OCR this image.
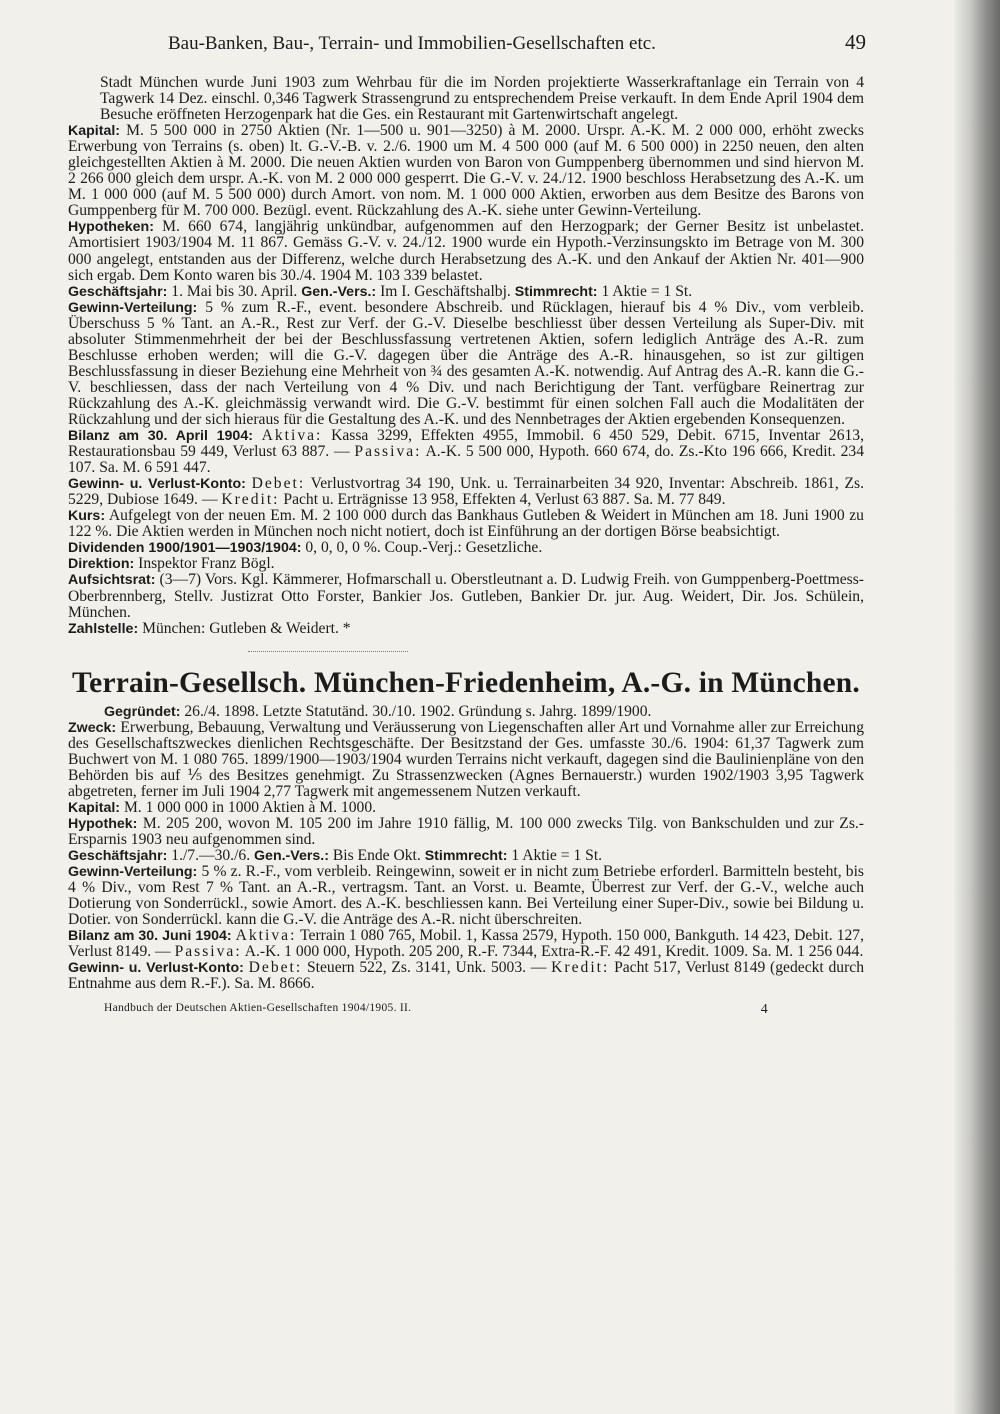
Bau-Banken, Bau-, Terrain- und Immobilien-Gesellschaften etc.	49

Stadt München wurde Juni 1903 zum Wehrbau für die im Norden projektierte Wasserkraftanlage ein Terrain von 4 Tagwerk 14 Dez. einschl. 0,346 Tagwerk Strassengrund zu entsprechendem Preise verkauft. In dem Ende April 1904 dem Besuche eröffneten Herzogenpark hat die Ges. ein Restaurant mit Gartenwirtschaft angelegt.

Kapital: M. 5 500 000 in 2750 Aktien (Nr. 1—500 u. 901—3250) à M. 2000. Urspr. A.-K. M. 2 000 000, erhöht zwecks Erwerbung von Terrains (s. oben) lt. G.-V.-B. v. 2./6. 1900 um M. 4 500 000 (auf M. 6 500 000) in 2250 neuen, den alten gleichgestellten Aktien à M. 2000. Die neuen Aktien wurden von Baron von Gumppenberg übernommen und sind hiervon M. 2 266 000 gleich dem urspr. A.-K. von M. 2 000 000 gesperrt. Die G.-V. v. 24./12. 1900 beschloss Herabsetzung des A.-K. um M. 1 000 000 (auf M. 5 500 000) durch Amort. von nom. M. 1 000 000 Aktien, erworben aus dem Besitze des Barons von Gumppenberg für M. 700 000. Bezügl. event. Rückzahlung des A.-K. siehe unter Gewinn-Verteilung.

Hypotheken: M. 660 674, langjährig unkündbar, aufgenommen auf den Herzogpark; der Gerner Besitz ist unbelastet. Amortisiert 1903/1904 M. 11 867. Gemäss G.-V. v. 24./12. 1900 wurde ein Hypoth.-Verzinsungskto im Betrage von M. 300 000 angelegt, entstanden aus der Differenz, welche durch Herabsetzung des A.-K. und den Ankauf der Aktien Nr. 401—900 sich ergab. Dem Konto waren bis 30./4. 1904 M. 103 339 belastet.

Geschäftsjahr: 1. Mai bis 30. April. Gen.-Vers.: Im I. Geschäftshalbj. Stimmrecht: 1 Aktie = 1 St.

Gewinn-Verteilung: 5 % zum R.-F., event. besondere Abschreib. und Rücklagen, hierauf bis 4 % Div., vom verbleib. Überschuss 5 % Tant. an A.-R., Rest zur Verf. der G.-V. Dieselbe beschliesst über dessen Verteilung als Super-Div. mit absoluter Stimmenmehrheit der bei der Beschlussfassung vertretenen Aktien, sofern lediglich Anträge des A.-R. zum Beschlusse erhoben werden; will die G.-V. dagegen über die Anträge des A.-R. hinausgehen, so ist zur giltigen Beschlussfassung in dieser Beziehung eine Mehrheit von ¾ des gesamten A.-K. notwendig. Auf Antrag des A.-R. kann die G.-V. beschliessen, dass der nach Verteilung von 4 % Div. und nach Berichtigung der Tant. verfügbare Reinertrag zur Rückzahlung des A.-K. gleichmässig verwandt wird. Die G.-V. bestimmt für einen solchen Fall auch die Modalitäten der Rückzahlung und der sich hieraus für die Gestaltung des A.-K. und des Nennbetrages der Aktien ergebenden Konsequenzen.

Bilanz am 30. April 1904: Aktiva: Kassa 3299, Effekten 4955, Immobil. 6 450 529, Debit. 6715, Inventar 2613, Restaurationsbau 59 449, Verlust 63 887. — Passiva: A.-K. 5 500 000, Hypoth. 660 674, do. Zs.-Kto 196 666, Kredit. 234 107. Sa. M. 6 591 447.

Gewinn- u. Verlust-Konto: Debet: Verlustvortrag 34 190, Unk. u. Terrainarbeiten 34 920, Inventar: Abschreib. 1861, Zs. 5229, Dubiose 1649. — Kredit: Pacht u. Erträgnisse 13 958, Effekten 4, Verlust 63 887. Sa. M. 77 849.

Kurs: Aufgelegt von der neuen Em. M. 2 100 000 durch das Bankhaus Gutleben & Weidert in München am 18. Juni 1900 zu 122 %. Die Aktien werden in München noch nicht notiert, doch ist Einführung an der dortigen Börse beabsichtigt.

Dividenden 1900/1901—1903/1904: 0, 0, 0, 0 %. Coup.-Verj.: Gesetzliche.

Direktion: Inspektor Franz Bögl.

Aufsichtsrat: (3—7) Vors. Kgl. Kämmerer, Hofmarschall u. Oberstleutnant a. D. Ludwig Freih. von Gumppenberg-Poettmess-Oberbrennberg, Stellv. Justizrat Otto Forster, Bankier Jos. Gutleben, Bankier Dr. jur. Aug. Weidert, Dir. Jos. Schülein, München.

Zahlstelle: München: Gutleben & Weidert. *

Terrain-Gesellsch. München-Friedenheim, A.-G. in München.

Gegründet: 26./4. 1898. Letzte Statutänd. 30./10. 1902. Gründung s. Jahrg. 1899/1900.

Zweck: Erwerbung, Bebauung, Verwaltung und Veräusserung von Liegenschaften aller Art und Vornahme aller zur Erreichung des Gesellschaftszweckes dienlichen Rechtsgeschäfte. Der Besitzstand der Ges. umfasste 30./6. 1904: 61,37 Tagwerk zum Buchwert von M. 1 080 765. 1899/1900—1903/1904 wurden Terrains nicht verkauft, dagegen sind die Baulinienpläne von den Behörden bis auf ⅕ des Besitzes genehmigt. Zu Strassenzwecken (Agnes Bernauerstr.) wurden 1902/1903 3,95 Tagwerk abgetreten, ferner im Juli 1904 2,77 Tagwerk mit angemessenem Nutzen verkauft.

Kapital: M. 1 000 000 in 1000 Aktien à M. 1000.

Hypothek: M. 205 200, wovon M. 105 200 im Jahre 1910 fällig, M. 100 000 zwecks Tilg. von Bankschulden und zur Zs.-Ersparnis 1903 neu aufgenommen sind.

Geschäftsjahr: 1./7.—30./6. Gen.-Vers.: Bis Ende Okt. Stimmrecht: 1 Aktie = 1 St.

Gewinn-Verteilung: 5 % z. R.-F., vom verbleib. Reingewinn, soweit er in nicht zum Betriebe erforderl. Barmitteln besteht, bis 4 % Div., vom Rest 7 % Tant. an A.-R., vertragsm. Tant. an Vorst. u. Beamte, Überrest zur Verf. der G.-V., welche auch Dotierung von Sonderrückl., sowie Amort. des A.-K. beschliessen kann. Bei Verteilung einer Super-Div., sowie bei Bildung u. Dotier. von Sonderrückl. kann die G.-V. die Anträge des A.-R. nicht überschreiten.

Bilanz am 30. Juni 1904: Aktiva: Terrain 1 080 765, Mobil. 1, Kassa 2579, Hypoth. 150 000, Bankguth. 14 423, Debit. 127, Verlust 8149. — Passiva: A.-K. 1 000 000, Hypoth. 205 200, R.-F. 7344, Extra-R.-F. 42 491, Kredit. 1009. Sa. M. 1 256 044.

Gewinn- u. Verlust-Konto: Debet: Steuern 522, Zs. 3141, Unk. 5003. — Kredit: Pacht 517, Verlust 8149 (gedeckt durch Entnahme aus dem R.-F.). Sa. M. 8666.

Handbuch der Deutschen Aktien-Gesellschaften 1904/1905. II.	4
